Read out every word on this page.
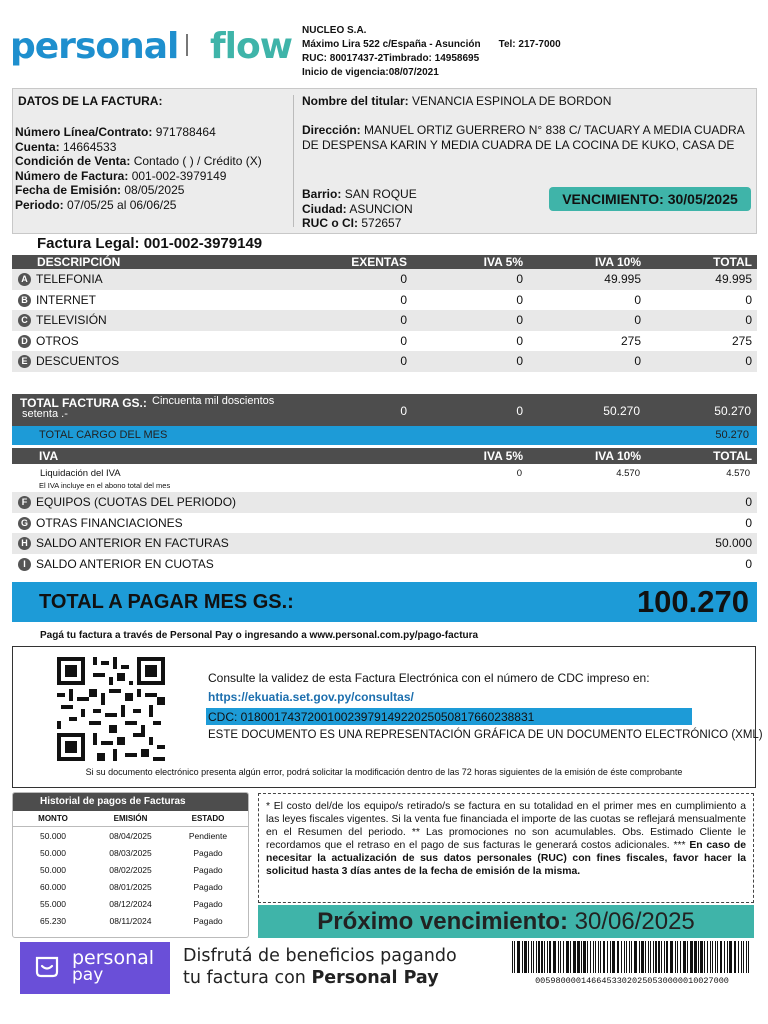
personal flow NUCLEO S.A.
Máximo Lira 522 c/España - Asunción Tel: 217-7000
RUC: 80017437-2Timbrado: 14958695
Inicio de vigencia:08/07/2021
DATOS DE LA FACTURA:
Número Línea/Contrato: 971788464
Cuenta: 14664533
Condición de Venta: Contado ( ) / Crédito (X)
Número de Factura: 001-002-3979149
Fecha de Emisión: 08/05/2025
Periodo: 07/05/25 al 06/06/25
Nombre del titular: VENANCIA ESPINOLA DE BORDON
Dirección: MANUEL ORTIZ GUERRERO N° 838 C/ TACUARY A MEDIA CUADRA
DE DESPENSA KARIN Y MEDIA CUADRA DE LA COCINA DE KUKO, CASA DE
Barrio: SAN ROQUE
Ciudad: ASUNCION
RUC o CI: 572657
VENCIMIENTO: 30/05/2025
Factura Legal: 001-002-3979149
DESCRIPCIÓN	EXENTAS	IVA 5%	IVA 10%	TOTAL
A TELEFONIA	0	0	49.995	49.995
B INTERNET	0	0	0	0
C TELEVISIÓN	0	0	0	0
D OTROS	0	0	275	275
E DESCUENTOS	0	0	0	0
TOTAL FACTURA GS.: Cincuenta mil doscientos
setenta .-	0	0	50.270	50.270
TOTAL CARGO DEL MES	50.270
IVA	IVA 5%	IVA 10%	TOTAL
Liquidación del IVA	0	4.570	4.570
El IVA incluye en el abono total del mes
F EQUIPOS (CUOTAS DEL PERIODO)	0
G OTRAS FINANCIACIONES	0
H SALDO ANTERIOR EN FACTURAS	50.000
I SALDO ANTERIOR EN CUOTAS	0
TOTAL A PAGAR MES GS.:	100.270
Pagá tu factura a través de Personal Pay o ingresando a www.personal.com.py/pago-factura
Consulte la validez de esta Factura Electrónica con el número de CDC impreso en:
https://ekuatia.set.gov.py/consultas/
CDC: 01800174372001002397914922025050817660238831
ESTE DOCUMENTO ES UNA REPRESENTACIÓN GRÁFICA DE UN DOCUMENTO ELECTRÓNICO (XML)
Si su documento electrónico presenta algún error, podrá solicitar la modificación dentro de las 72 horas siguientes de la emisión de éste comprobante
Historial de pagos de Facturas
MONTO	EMISIÓN	ESTADO
50.000	08/04/2025	Pendiente
50.000	08/03/2025	Pagado
50.000	08/02/2025	Pagado
60.000	08/01/2025	Pagado
55.000	08/12/2024	Pagado
65.230	08/11/2024	Pagado
* El costo del/de los equipo/s retirado/s se factura en su totalidad en el primer mes en cumplimiento a las leyes fiscales vigentes. Si la venta fue financiada el importe de las cuotas se reflejará mensualmente en el Resumen del periodo. ** Las promociones no son acumulables. Obs. Estimado Cliente le recordamos que el retraso en el pago de sus facturas le generará costos adicionales. *** En caso de necesitar la actualización de sus datos personales (RUC) con fines fiscales, favor hacer la solicitud hasta 3 días antes de la fecha de emisión de la misma.
Próximo vencimiento: 30/06/2025
personal
pay
Disfrutá de beneficios pagando
tu factura con Personal Pay	00598000014664533020250530000010027000
